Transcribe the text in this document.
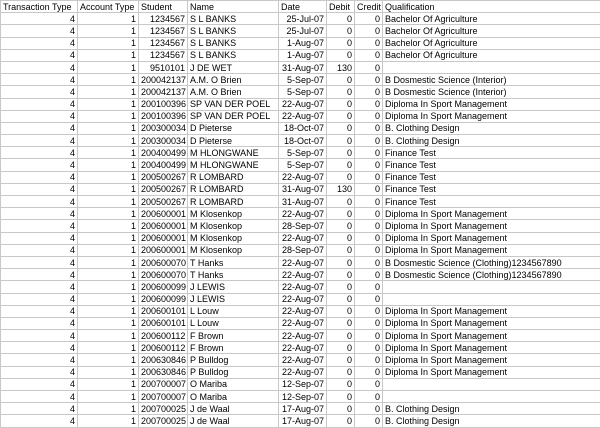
Transaction Type	Account Type	Student	Name	Date	Debit	Credit	Qualification
4	1	1234567	S L BANKS	25-Jul-07	0	0	Bachelor Of Agriculture
4	1	1234567	S L BANKS	25-Jul-07	0	0	Bachelor Of Agriculture
4	1	1234567	S L BANKS	1-Aug-07	0	0	Bachelor Of Agriculture
4	1	1234567	S L BANKS	1-Aug-07	0	0	Bachelor Of Agriculture
4	1	9510101	J DE WET	31-Aug-07	130	0	
4	1	200042137	A.M. O Brien	5-Sep-07	0	0	B Dosmestic Science (Interior)
4	1	200042137	A.M. O Brien	5-Sep-07	0	0	B Dosmestic Science (Interior)
4	1	200100396	SP VAN DER POEL	22-Aug-07	0	0	Diploma In Sport Management
4	1	200100396	SP VAN DER POEL	22-Aug-07	0	0	Diploma In Sport Management
4	1	200300034	D Pieterse	18-Oct-07	0	0	B. Clothing Design
4	1	200300034	D Pieterse	18-Oct-07	0	0	B. Clothing Design
4	1	200400499	M HLONGWANE	5-Sep-07	0	0	Finance Test
4	1	200400499	M HLONGWANE	5-Sep-07	0	0	Finance Test
4	1	200500267	R LOMBARD	22-Aug-07	0	0	Finance Test
4	1	200500267	R LOMBARD	31-Aug-07	130	0	Finance Test
4	1	200500267	R LOMBARD	31-Aug-07	0	0	Finance Test
4	1	200600001	M Klosenkop	22-Aug-07	0	0	Diploma In Sport Management
4	1	200600001	M Klosenkop	28-Sep-07	0	0	Diploma In Sport Management
4	1	200600001	M Klosenkop	22-Aug-07	0	0	Diploma In Sport Management
4	1	200600001	M Klosenkop	28-Sep-07	0	0	Diploma In Sport Management
4	1	200600070	T Hanks	22-Aug-07	0	0	B Dosmestic Science (Clothing)1234567890
4	1	200600070	T Hanks	22-Aug-07	0	0	B Dosmestic Science (Clothing)1234567890
4	1	200600099	J LEWIS	22-Aug-07	0	0	
4	1	200600099	J LEWIS	22-Aug-07	0	0	
4	1	200600101	L Louw	22-Aug-07	0	0	Diploma In Sport Management
4	1	200600101	L Louw	22-Aug-07	0	0	Diploma In Sport Management
4	1	200600112	F Brown	22-Aug-07	0	0	Diploma In Sport Management
4	1	200600112	F Brown	22-Aug-07	0	0	Diploma In Sport Management
4	1	200630846	P Bulldog	22-Aug-07	0	0	Diploma In Sport Management
4	1	200630846	P Bulldog	22-Aug-07	0	0	Diploma In Sport Management
4	1	200700007	O Mariba	12-Sep-07	0	0	
4	1	200700007	O Mariba	12-Sep-07	0	0	
4	1	200700025	J de Waal	17-Aug-07	0	0	B. Clothing Design
4	1	200700025	J de Waal	17-Aug-07	0	0	B. Clothing Design
